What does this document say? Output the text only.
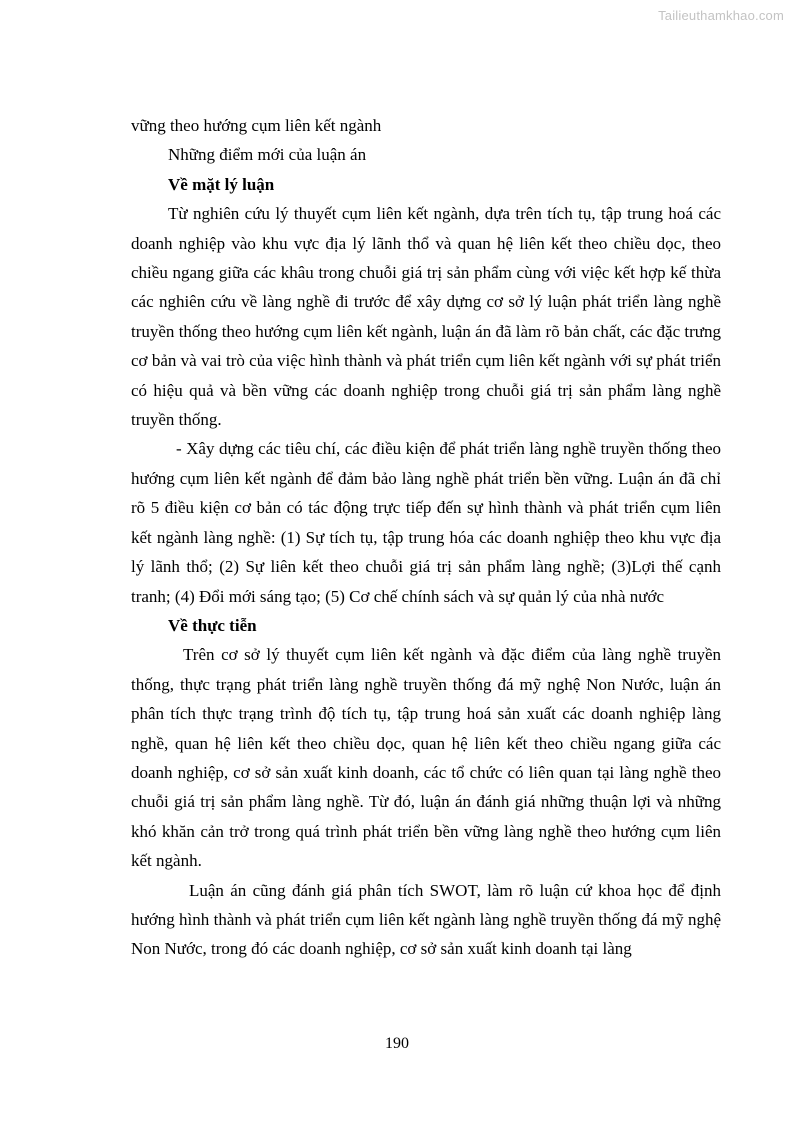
Tailieuthamkhao.com

vững theo hướng cụm liên kết ngành

Những điểm mới của luận án

Về mặt lý luận

Từ nghiên cứu lý thuyết cụm liên kết ngành, dựa trên tích tụ, tập trung hoá các doanh nghiệp vào khu vực địa lý lãnh thổ và quan hệ liên kết theo chiều dọc, theo chiều ngang giữa các khâu trong chuỗi giá trị sản phẩm cùng với việc kết hợp kế thừa các nghiên cứu về làng nghề đi trước để xây dựng cơ sở lý luận phát triển làng nghề truyền thống theo hướng cụm liên kết ngành, luận án đã làm rõ bản chất, các đặc trưng cơ bản và vai trò của việc hình thành và phát triển cụm liên kết ngành với sự phát triển có hiệu quả và bền vững các doanh nghiệp trong chuỗi giá trị sản phẩm làng nghề truyền thống.

- Xây dựng các tiêu chí, các điều kiện để phát triển làng nghề truyền thống theo hướng cụm liên kết ngành để đảm bảo làng nghề phát triển bền vững. Luận án đã chỉ rõ 5 điều kiện cơ bản có tác động trực tiếp đến sự hình thành và phát triển cụm liên kết ngành làng nghề: (1) Sự tích tụ, tập trung hóa các doanh nghiệp theo khu vực địa lý lãnh thổ; (2) Sự liên kết theo chuỗi giá trị sản phẩm làng nghề; (3)Lợi thế cạnh tranh; (4) Đổi mới sáng tạo; (5) Cơ chế chính sách và sự quản lý của nhà nước

Về thực tiễn

Trên cơ sở lý thuyết cụm liên kết ngành và đặc điểm của làng nghề truyền thống, thực trạng phát triển làng nghề truyền thống đá mỹ nghệ Non Nước, luận án phân tích thực trạng trình độ tích tụ, tập trung hoá sản xuất các doanh nghiệp làng nghề, quan hệ liên kết theo chiều dọc, quan hệ liên kết theo chiều ngang giữa các doanh nghiệp, cơ sở sản xuất kinh doanh, các tổ chức có liên quan tại làng nghề theo chuỗi giá trị sản phẩm làng nghề. Từ đó, luận án đánh giá những thuận lợi và những khó khăn cản trở trong quá trình phát triển bền vững làng nghề theo hướng cụm liên kết ngành.

Luận án cũng đánh giá phân tích SWOT, làm rõ luận cứ khoa học để định hướng hình thành và phát triển cụm liên kết ngành làng nghề truyền thống đá mỹ nghệ Non Nước, trong đó các doanh nghiệp, cơ sở sản xuất kinh doanh tại làng

190
